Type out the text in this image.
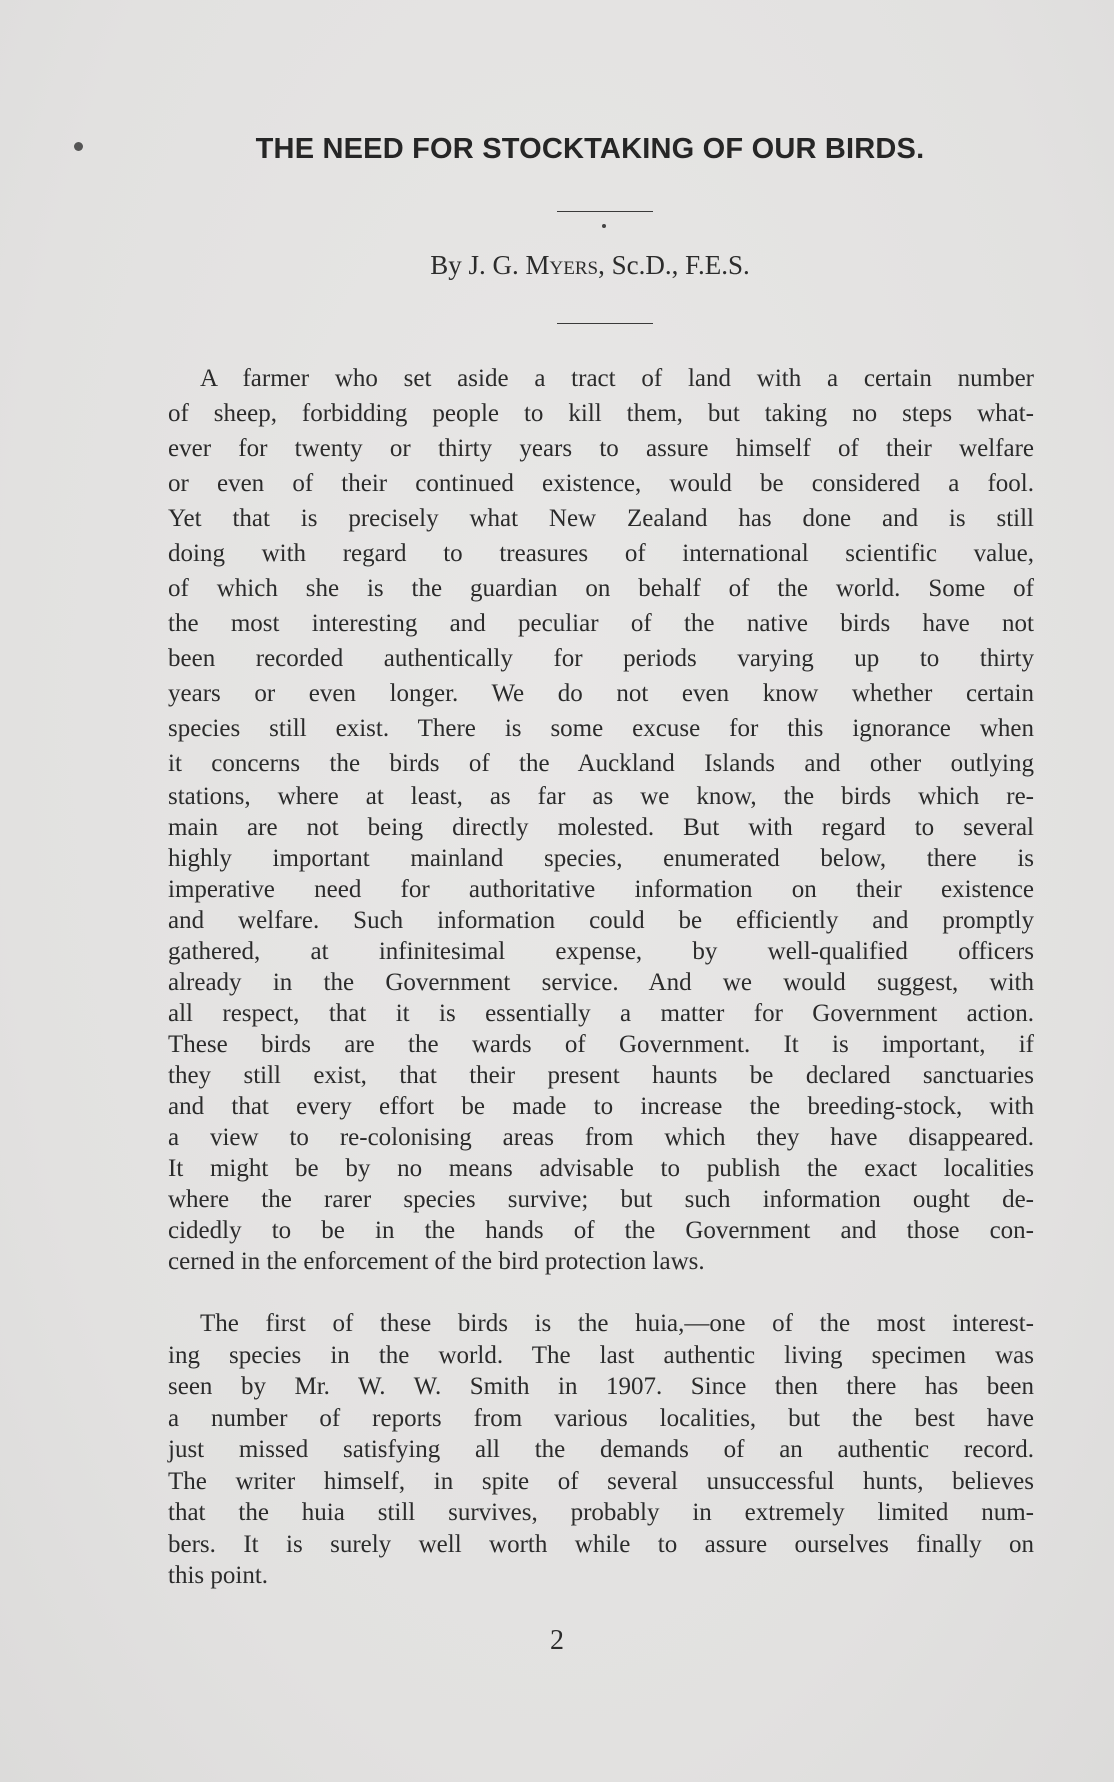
THE NEED FOR STOCKTAKING OF OUR BIRDS.
By J. G. Myers, Sc.D., F.E.S.
A farmer who set aside a tract of land with a certain number
of sheep, forbidding people to kill them, but taking no steps what-
ever for twenty or thirty years to assure himself of their welfare
or even of their continued existence, would be considered a fool.
Yet that is precisely what New Zealand has done and is still
doing with regard to treasures of international scientific value,
of which she is the guardian on behalf of the world. Some of
the most interesting and peculiar of the native birds have not
been recorded authentically for periods varying up to thirty
years or even longer. We do not even know whether certain
species still exist. There is some excuse for this ignorance when
it concerns the birds of the Auckland Islands and other outlying
stations, where at least, as far as we know, the birds which re-
main are not being directly molested. But with regard to several
highly important mainland species, enumerated below, there is
imperative need for authoritative information on their existence
and welfare. Such information could be efficiently and promptly
gathered, at infinitesimal expense, by well-qualified officers
already in the Government service. And we would suggest, with
all respect, that it is essentially a matter for Government action.
These birds are the wards of Government. It is important, if
they still exist, that their present haunts be declared sanctuaries
and that every effort be made to increase the breeding-stock, with
a view to re-colonising areas from which they have disappeared.
It might be by no means advisable to publish the exact localities
where the rarer species survive; but such information ought de-
cidedly to be in the hands of the Government and those con-
cerned in the enforcement of the bird protection laws.
The first of these birds is the huia,—one of the most interest-
ing species in the world. The last authentic living specimen was
seen by Mr. W. W. Smith in 1907. Since then there has been
a number of reports from various localities, but the best have
just missed satisfying all the demands of an authentic record.
The writer himself, in spite of several unsuccessful hunts, believes
that the huia still survives, probably in extremely limited num-
bers. It is surely well worth while to assure ourselves finally on
this point.
2
